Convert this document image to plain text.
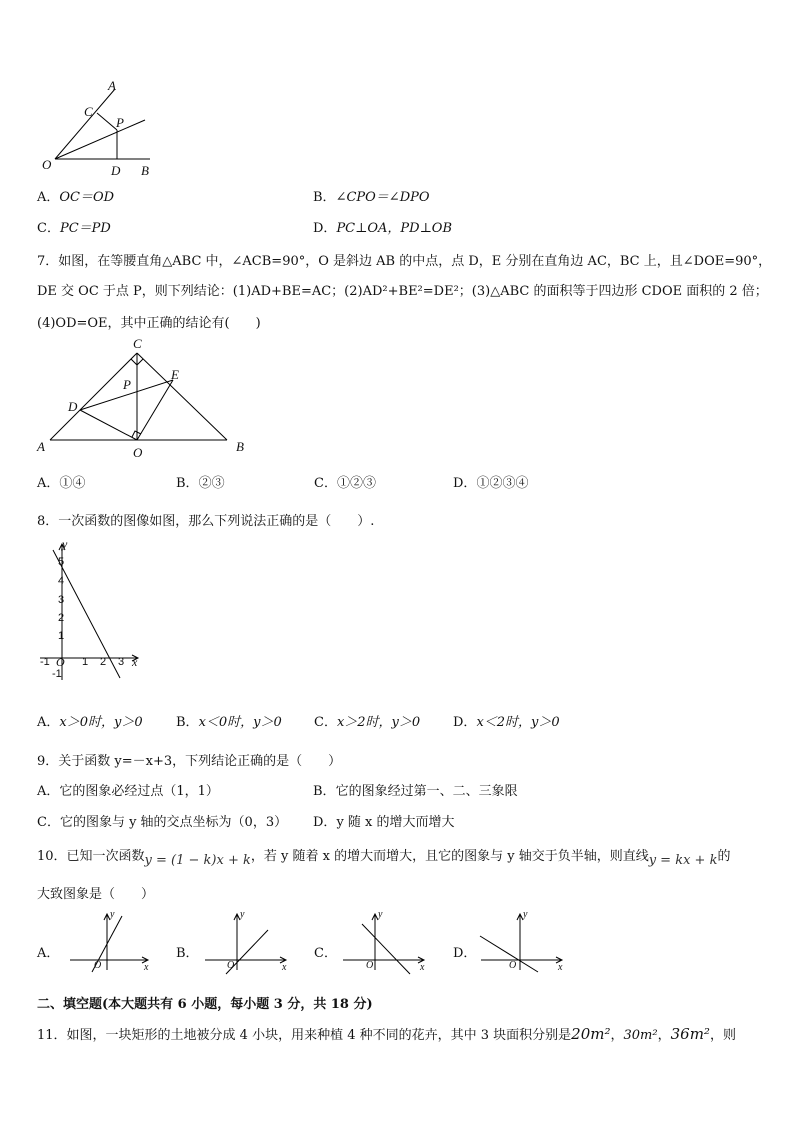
A
C
P
O	D B
A．OC＝OD	B．∠CPO＝∠DPO
C．PC＝PD	D．PC⊥OA，PD⊥OB
7．如图，在等腰直角△ABC 中，∠ACB=90°，O 是斜边 AB 的中点，点 D，E 分别在直角边 AC，BC 上，且∠DOE=90°，
DE 交 OC 于点 P，则下列结论：(1)AD+BE=AC；(2)AD²+BE²=DE²；(3)△ABC 的面积等于四边形 CDOE 面积的 2 倍；
(4)OD=OE，其中正确的结论有(　　)
C
P
E
D
A	O	B
A．①④	B．②③	C．①②③	D．①②③④
8．一次函数的图像如图，那么下列说法正确的是（　　）.
y
5
4
3
2
1
-1
-1 O 1 2 3 x
A．x＞0时，y＞0	B．x＜0时，y＞0 C．x＞2时，y＞0	D．x＜2时，y＞0
9．关于函数 y=－x+3，下列结论正确的是（　　）
A．它的图象必经过点（1，1）	B．它的图象经过第一、二、三象限
C．它的图象与 y 轴的交点坐标为（0，3） D．y 随 x 的增大而增大
10．已知一次函数y = (1 − k)x + k，若 y 随着 x 的增大而增大，且它的图象与 y 轴交于负半轴，则直线y = kx + k的
大致图象是（　　）
A．
y
O	x
B．
y
O	x
C．
y
O	x
D．
y
O	x
二、填空题(本大题共有 6 小题，每小题 3 分，共 18 分)
11．如图，一块矩形的土地被分成 4 小块，用来种植 4 种不同的花卉，其中 3 块面积分别是20m²，30m²，36m²，则
